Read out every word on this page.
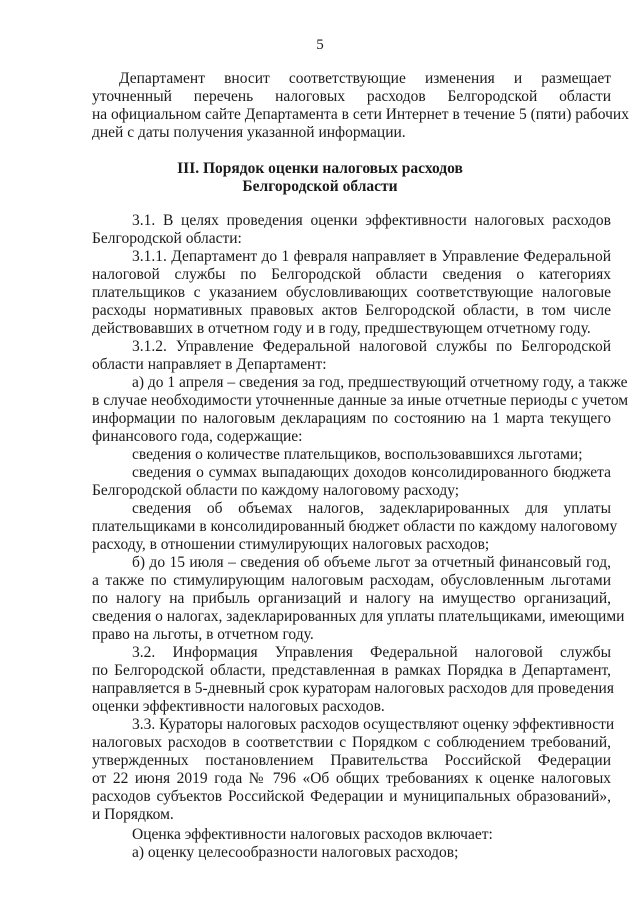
5
Департамент вносит соответствующие изменения и размещает
уточненный перечень налоговых расходов Белгородской области
на официальном сайте Департамента в сети Интернет в течение 5 (пяти) рабочих
дней с даты получения указанной информации.
III. Порядок оценки налоговых расходов
Белгородской области
3.1. В целях проведения оценки эффективности налоговых расходов
Белгородской области:
3.1.1. Департамент до 1 февраля направляет в Управление Федеральной
налоговой службы по Белгородской области сведения о категориях
плательщиков с указанием обусловливающих соответствующие налоговые
расходы нормативных правовых актов Белгородской области, в том числе
действовавших в отчетном году и в году, предшествующем отчетному году.
3.1.2. Управление Федеральной налоговой службы по Белгородской
области направляет в Департамент:
а) до 1 апреля – сведения за год, предшествующий отчетному году, а также
в случае необходимости уточненные данные за иные отчетные периоды с учетом
информации по налоговым декларациям по состоянию на 1 марта текущего
финансового года, содержащие:
сведения о количестве плательщиков, воспользовавшихся льготами;
сведения о суммах выпадающих доходов консолидированного бюджета
Белгородской области по каждому налоговому расходу;
сведения об объемах налогов, задекларированных для уплаты
плательщиками в консолидированный бюджет области по каждому налоговому
расходу, в отношении стимулирующих налоговых расходов;
б) до 15 июля – сведения об объеме льгот за отчетный финансовый год,
а также по стимулирующим налоговым расходам, обусловленным льготами
по налогу на прибыль организаций и налогу на имущество организаций,
сведения о налогах, задекларированных для уплаты плательщиками, имеющими
право на льготы, в отчетном году.
3.2. Информация Управления Федеральной налоговой службы
по Белгородской области, представленная в рамках Порядка в Департамент,
направляется в 5-дневный срок кураторам налоговых расходов для проведения
оценки эффективности налоговых расходов.
3.3. Кураторы налоговых расходов осуществляют оценку эффективности
налоговых расходов в соответствии с Порядком с соблюдением требований,
утвержденных постановлением Правительства Российской Федерации
от 22 июня 2019 года № 796 «Об общих требованиях к оценке налоговых
расходов субъектов Российской Федерации и муниципальных образований»,
и Порядком.
Оценка эффективности налоговых расходов включает:
а) оценку целесообразности налоговых расходов;
